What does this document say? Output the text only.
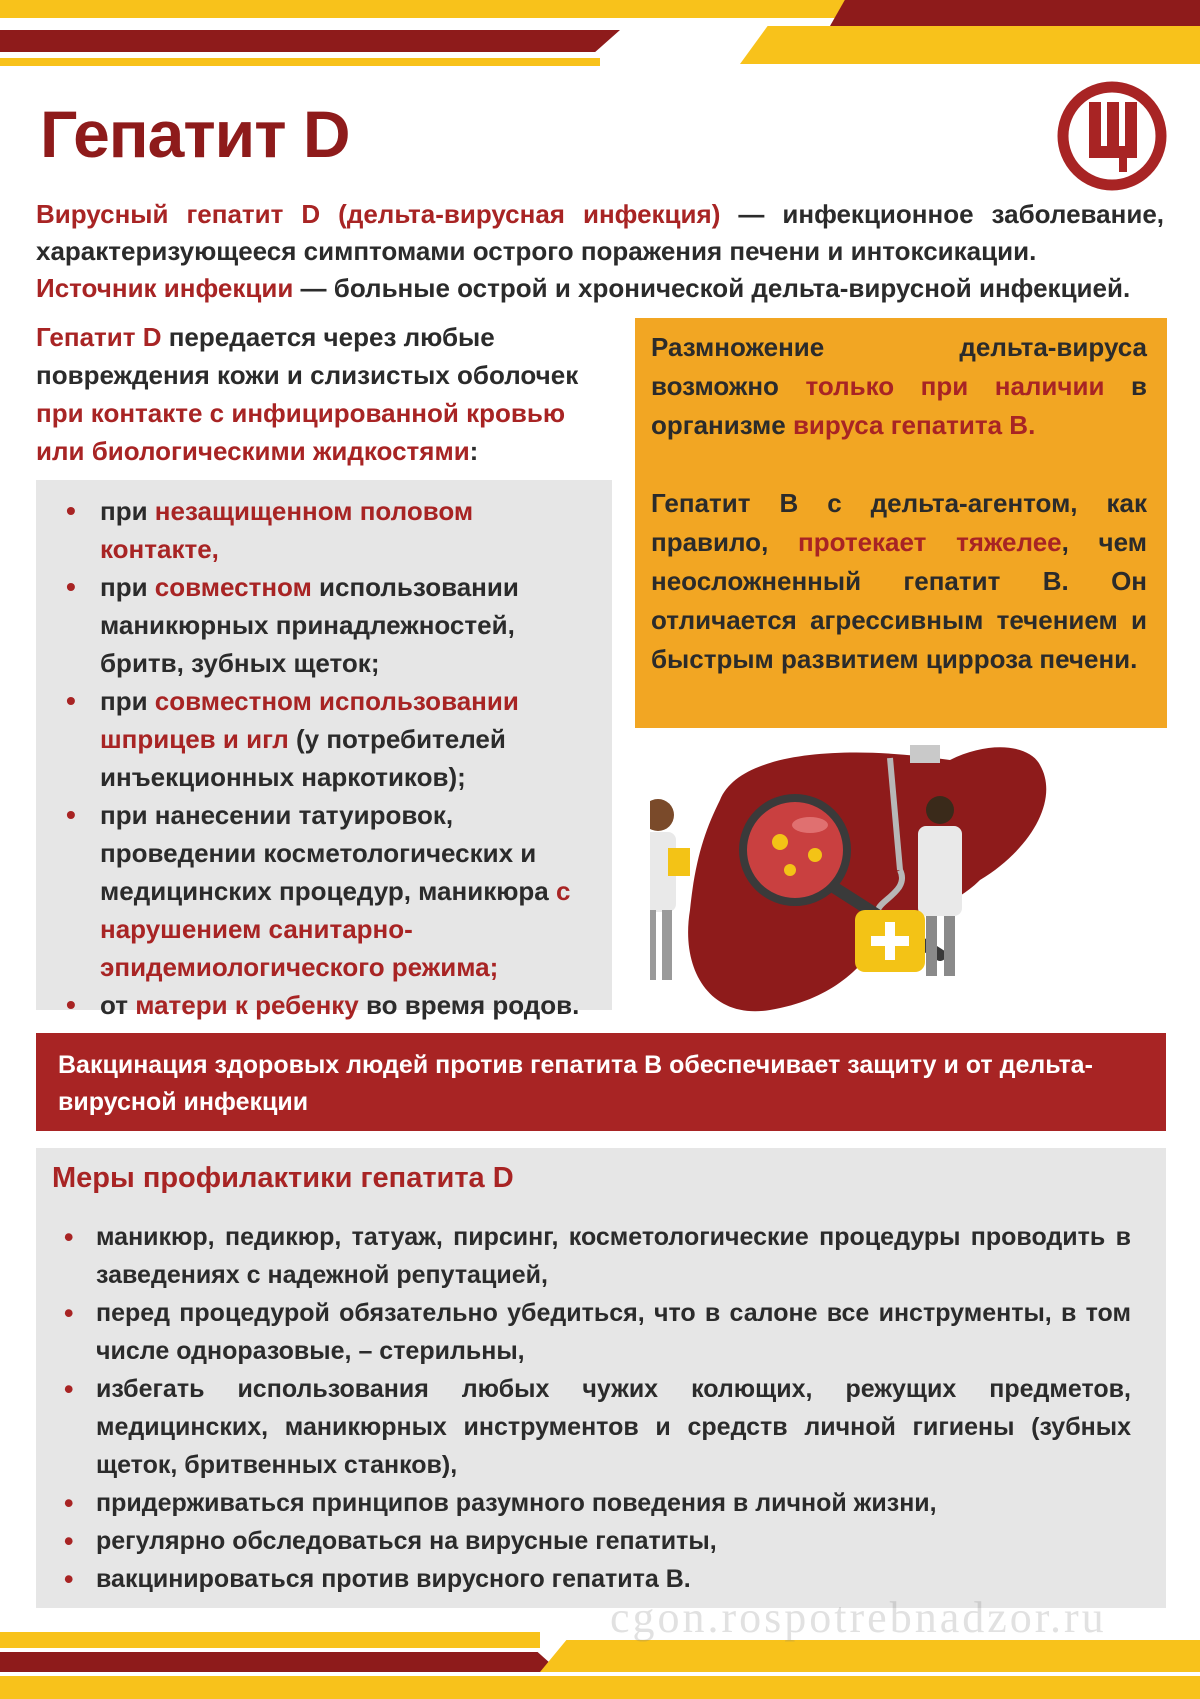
Гепатит D

Вирусный гепатит D (дельта-вирусная инфекция) — инфекционное заболевание, характеризующееся симптомами острого поражения печени и интоксикации.

Источник инфекции — больные острой и хронической дельта-вирусной инфекцией.

Гепатит D передается через любые повреждения кожи и слизистых оболочек при контакте с инфицированной кровью или биологическими жидкостями:
• при незащищенном половом контакте,
• при совместном использовании маникюрных принадлежностей, бритв, зубных щеток;
• при совместном использовании шприцев и игл (у потребителей инъекционных наркотиков);
• при нанесении татуировок, проведении косметологических и медицинских процедур, маникюра с нарушением санитарно-эпидемиологического режима;
• от матери к ребенку во время родов.

Размножение дельта-вируса возможно только при наличии в организме вируса гепатита В.

Гепатит В с дельта-агентом, как правило, протекает тяжелее, чем неосложненный гепатит В. Он отличается агрессивным течением и быстрым развитием цирроза печени.

Вакцинация здоровых людей против гепатита В обеспечивает защиту и от дельта-вирусной инфекции
Меры профилактики гепатита D
• маникюр, педикюр, татуаж, пирсинг, косметологические процедуры проводить в заведениях с надежной репутацией,
• перед процедурой обязательно убедиться, что в салоне все инструменты, в том числе одноразовые, – стерильны,
• избегать использования любых чужих колющих, режущих предметов, медицинских, маникюрных инструментов и средств личной гигиены (зубных щеток, бритвенных станков),
• придерживаться принципов разумного поведения в личной жизни,
• регулярно обследоваться на вирусные гепатиты,
• вакцинироваться против вирусного гепатита В.
cgon.rospotrebnadzor.ru
